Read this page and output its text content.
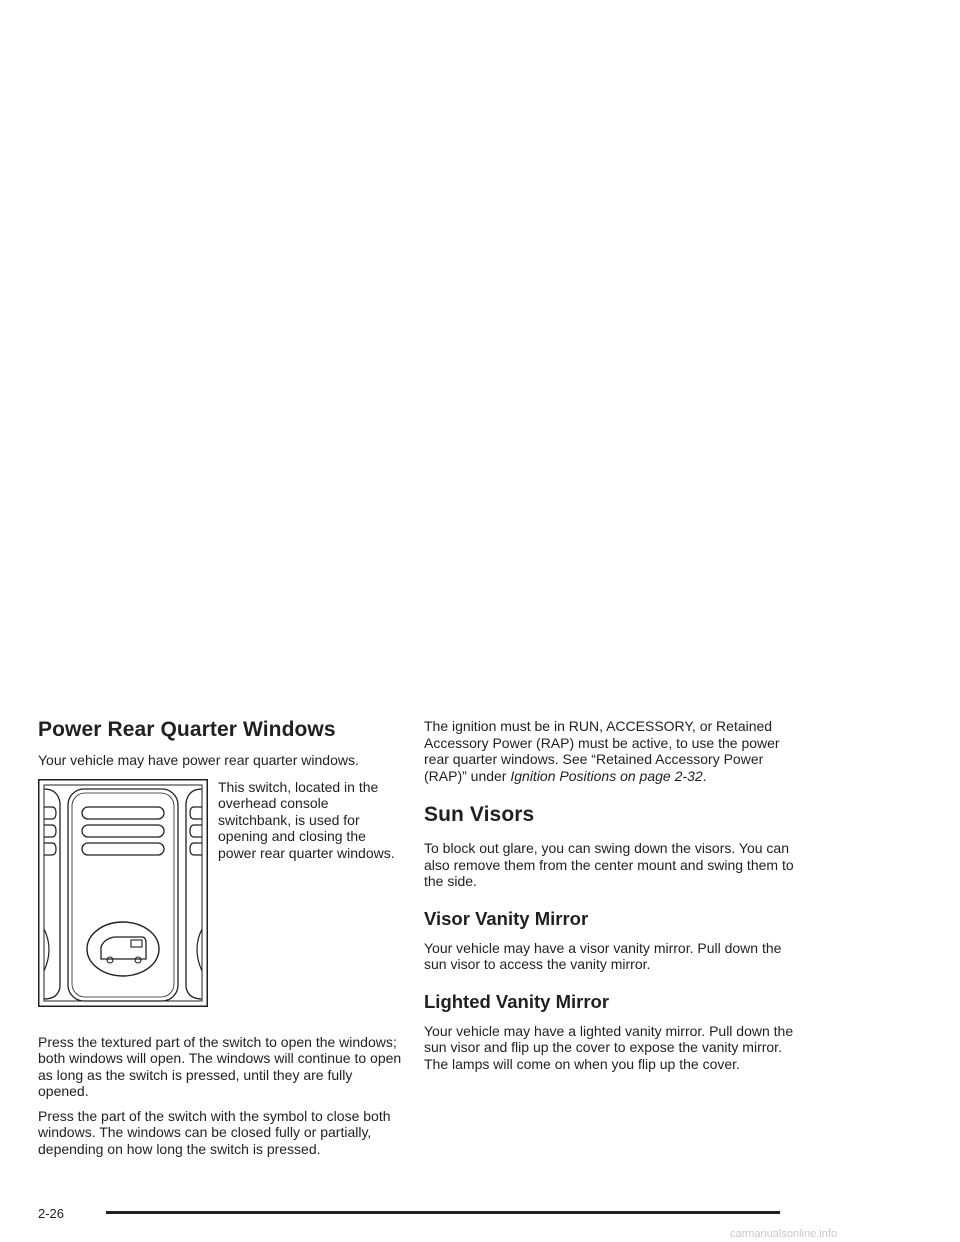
Power Rear Quarter Windows

Your vehicle may have power rear quarter windows.

This switch, located in the overhead console switchbank, is used for opening and closing the power rear quarter windows.

Press the textured part of the switch to open the windows; both windows will open. The windows will continue to open as long as the switch is pressed, until they are fully opened.

Press the part of the switch with the symbol to close both windows. The windows can be closed fully or partially, depending on how long the switch is pressed.

The ignition must be in RUN, ACCESSORY, or Retained Accessory Power (RAP) must be active, to use the power rear quarter windows. See “Retained Accessory Power (RAP)” under Ignition Positions on page 2-32.

Sun Visors

To block out glare, you can swing down the visors. You can also remove them from the center mount and swing them to the side.

Visor Vanity Mirror

Your vehicle may have a visor vanity mirror. Pull down the sun visor to access the vanity mirror.

Lighted Vanity Mirror

Your vehicle may have a lighted vanity mirror. Pull down the sun visor and flip up the cover to expose the vanity mirror. The lamps will come on when you flip up the cover.

2-26
carmanualsonline.info
